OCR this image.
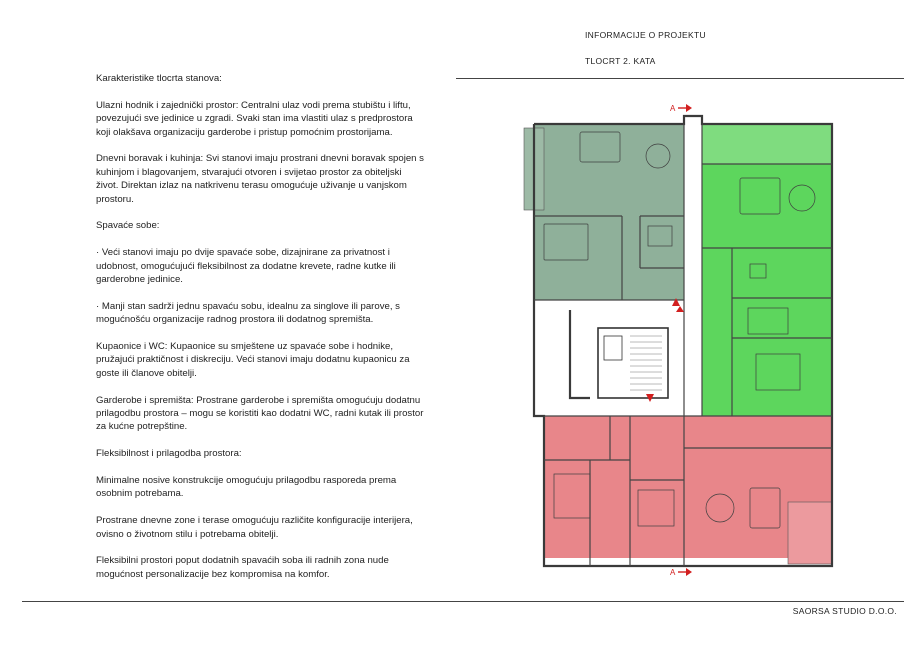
INFORMACIJE O PROJEKTU
TLOCRT 2. KATA

Karakteristike tlocrta stanova:

Ulazni hodnik i zajednički prostor: Centralni ulaz vodi prema stubištu i liftu, povezujući sve jedinice u zgradi. Svaki stan ima vlastiti ulaz s predprostora koji olakšava organizaciju garderobe i pristup pomoćnim prostorijama.

Dnevni boravak i kuhinja: Svi stanovi imaju prostrani dnevni boravak spojen s kuhinjom i blagovanjem, stvarajući otvoren i svijetao prostor za obiteljski život. Direktan izlaz na natkrivenu terasu omogućuje uživanje u vanjskom prostoru.

Spavaće sobe:

· Veći stanovi imaju po dvije spavaće sobe, dizajnirane za privatnost i udobnost, omogućujući fleksibilnost za dodatne krevete, radne kutke ili garderobne jedinice.

· Manji stan sadrži jednu spavaću sobu, idealnu za singlove ili parove, s mogućnošću organizacije radnog prostora ili dodatnog spremišta.

Kupaonice i WC: Kupaonice su smještene uz spavaće sobe i hodnike, pružajući praktičnost i diskreciju. Veći stanovi imaju dodatnu kupaonicu za goste ili članove obitelji.

Garderobe i spremišta: Prostrane garderobe i spremišta omogućuju dodatnu prilagodbu prostora – mogu se koristiti kao dodatni WC, radni kutak ili prostor za kućne potrepštine.

Fleksibilnost i prilagodba prostora:

Minimalne nosive konstrukcije omogućuju prilagodbu rasporeda prema osobnim potrebama.

Prostrane dnevne zone i terase omogućuju različite konfiguracije interijera, ovisno o životnom stilu i potrebama obitelji.

Fleksibilni prostori poput dodatnih spavaćih soba ili radnih zona nude mogućnost personalizacije bez kompromisa na komfor.

A
A
SAORSA STUDIO D.O.O.
